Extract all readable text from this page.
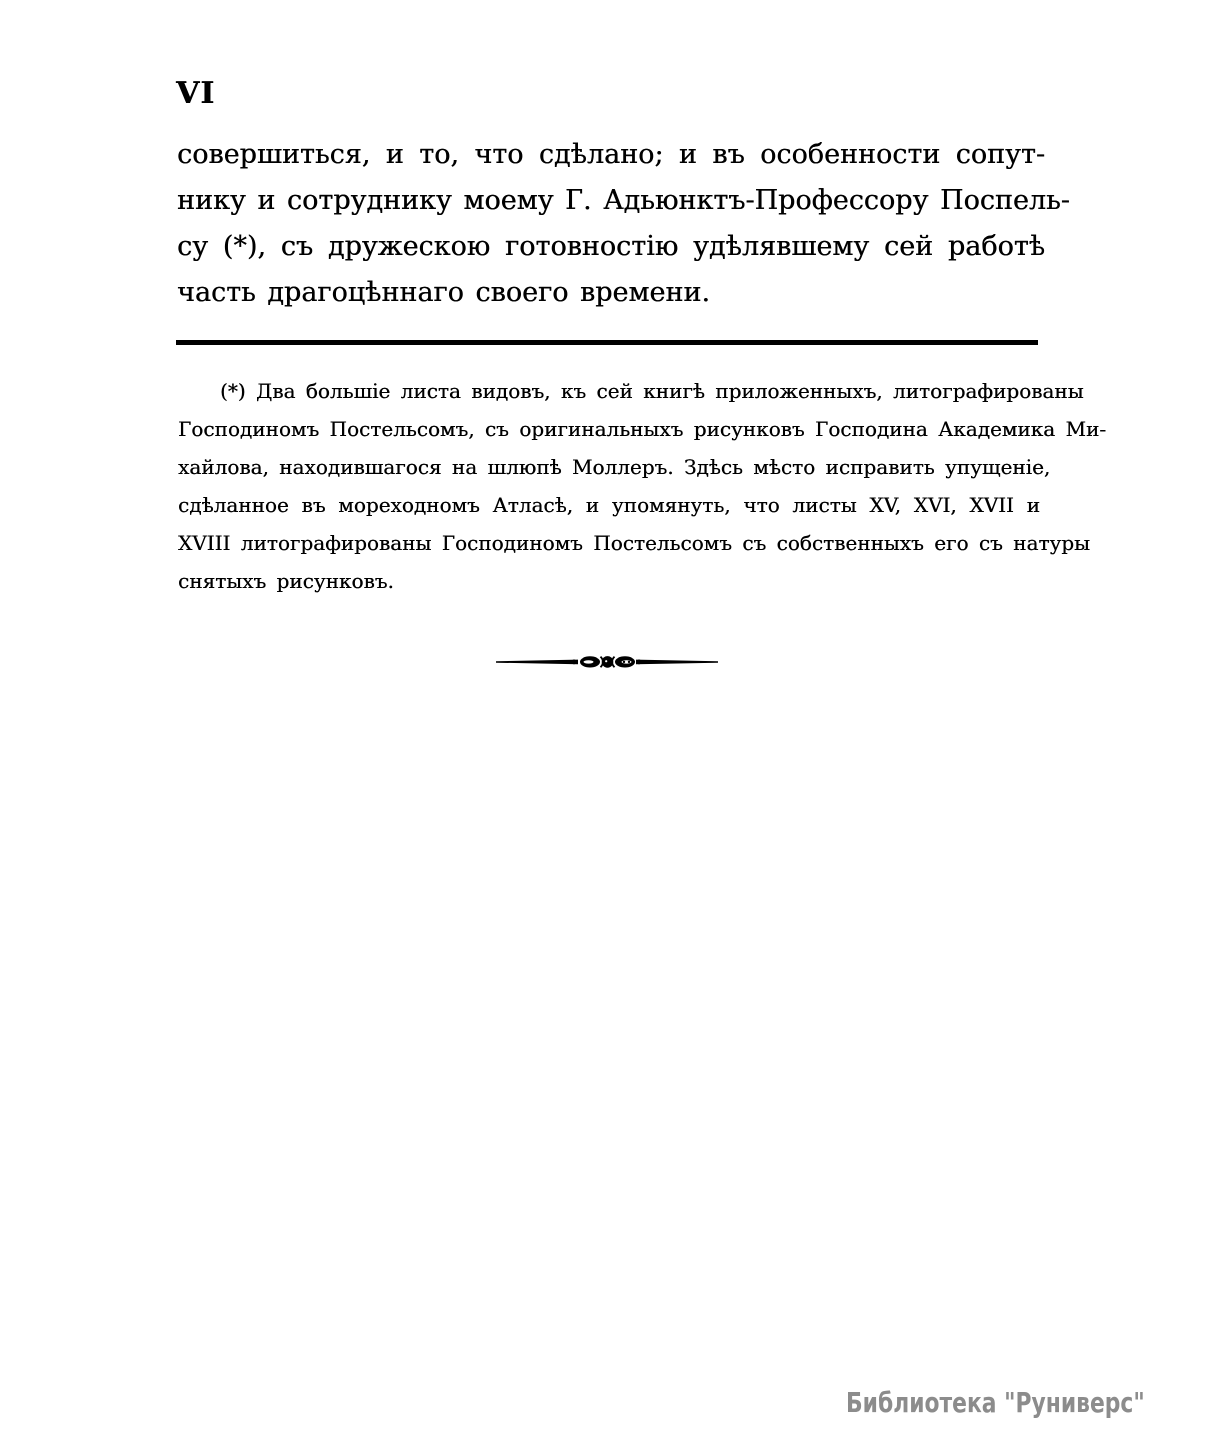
VI
совершиться, и то, что сдѣлано; и въ особенности сопут-
нику и сотруднику моему Г. Адьюнктъ-Профессору Поспель-
су (*), съ дружескою готовностію удѣлявшему сей работѣ
часть драгоцѣннаго своего времени.
(*) Два большіе листа видовъ, къ сей книгѣ приложенныхъ, литографированы
Господиномъ Постельсомъ, съ оригинальныхъ рисунковъ Господина Академика Ми-
хайлова, находившагося на шлюпѣ Моллеръ. Здѣсь мѣсто исправить упущеніе,
сдѣланное въ мореходномъ Атласѣ, и упомянуть, что листы XV, XVI, XVII и
XVIII литографированы Господиномъ Постельсомъ съ собственныхъ его съ натуры
снятыхъ рисунковъ.
Библиотека "Руниверс"
